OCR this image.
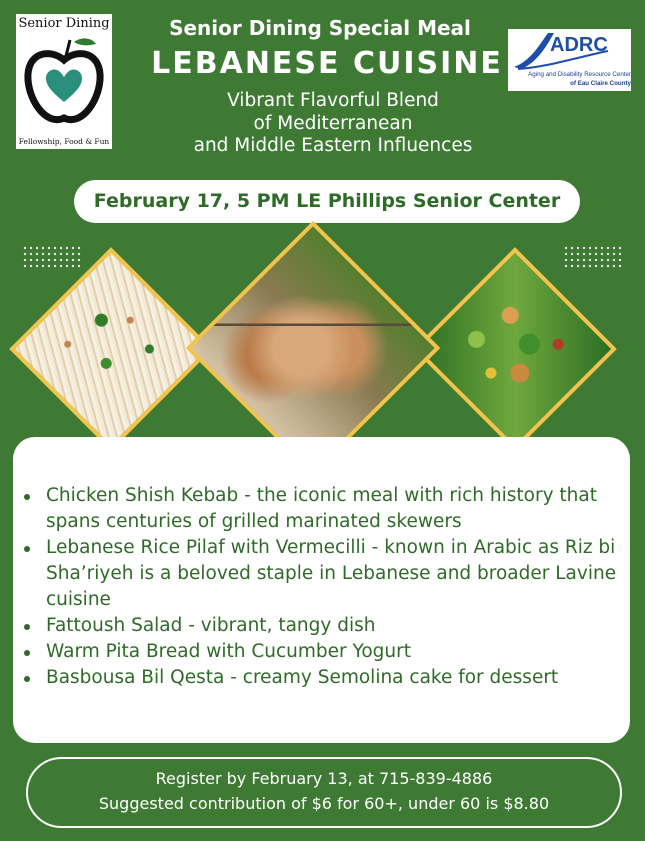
Senior Dining
Fellowship, Food & Fun
ADRC
Aging and Disability Resource Center
of Eau Claire County
Senior Dining Special Meal
LEBANESE CUISINE
Vibrant Flavorful Blend
of Mediterranean
and Middle Eastern Influences
February 17, 5 PM LE Phillips Senior Center
Chicken Shish Kebab - the iconic meal with rich history that spans centuries of grilled marinated skewers
Lebanese Rice Pilaf with Vermecilli - known in Arabic as Riz bi Sha’riyeh is a beloved staple in Lebanese and broader Lavine cuisine
Fattoush Salad - vibrant, tangy dish
Warm Pita Bread with Cucumber Yogurt
Basbousa Bil Qesta - creamy Semolina cake for dessert
Register by February 13, at 715-839-4886
Suggested contribution of $6 for 60+, under 60 is $8.80
